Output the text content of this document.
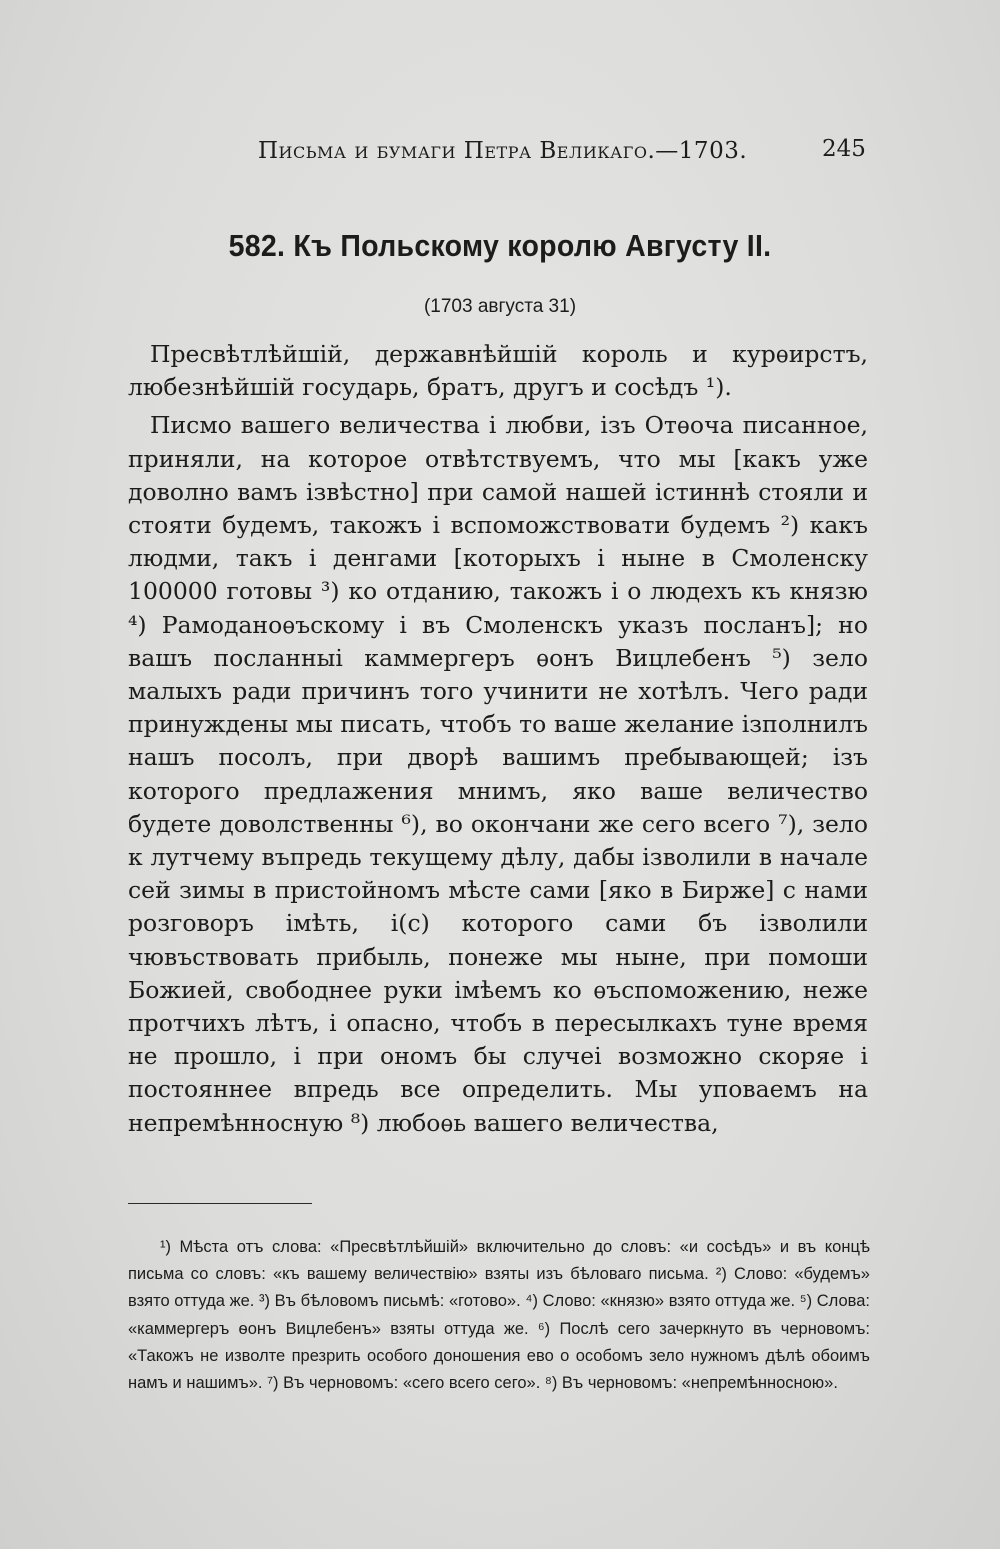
Письма и бумаги Петра Великаго.—1703.	245
582. Къ Польскому королю Августу II.
(1703 августа 31)

Пресвѣтлѣйшій, державнѣйшій король и курѳирстъ, любезнѣйшій государь, братъ, другъ и сосѣдъ ¹).

Писмо вашего величества і любви, ізъ Отѳоча писанное, приняли, на которое отвѣтствуемъ, что мы [какъ уже доволно вамъ ізвѣстно] при самой нашей істиннѣ стояли и стояти будемъ, такожъ і вспоможствовати будемъ ²) какъ людми, такъ і денгами [которыхъ і ныне в Смоленску 100000 готовы ³) ко отданию, такожъ і о людехъ къ князю ⁴) Рамоданоѳъскому і въ Смоленскъ указъ посланъ]; но вашъ посланныі каммергеръ ѳонъ Вицлебенъ ⁵) зело малыхъ ради причинъ того учинити не хотѣлъ. Чего ради принуждены мы писать, чтобъ то ваше желание ізполнилъ нашъ посолъ, при дворѣ вашимъ пребывающей; ізъ которого предлажения мнимъ, яко ваше величество будете доволственны ⁶), во окончани же сего всего ⁷), зело к лутчему въпредь текущему дѣлу, дабы ізволили в начале сей зимы в пристойномъ мѣсте сами [яко в Бирже] с нами розговоръ імѣть, і(с) которого сами бъ ізволили чювъствовать прибыль, понеже мы ныне, при помоши Божией, свободнее руки імѣемъ ко ѳъспоможению, неже протчихъ лѣтъ, і опасно, чтобъ в пересылкахъ туне время не прошло, і при ономъ бы случеі возможно скоряе і постояннее впредь все определить. Мы уповаемъ на непремѣнносную ⁸) любоѳь вашего величества,

¹) Мѣста отъ слова: «Пресвѣтлѣйшій» включительно до словъ: «и сосѣдъ» и въ концѣ письма со словъ: «къ вашему величествію» взяты изъ бѣловаго письма. ²) Слово: «будемъ» взято оттуда же. ³) Въ бѣловомъ письмѣ: «готово». ⁴) Слово: «князю» взято оттуда же. ⁵) Слова: «каммергеръ ѳонъ Вицлебенъ» взяты оттуда же. ⁶) Послѣ сего зачеркнуто въ черновомъ: «Такожъ не изволте презрить особого доношения ево о особомъ зело нужномъ дѣлѣ обоимъ намъ и нашимъ». ⁷) Въ черновомъ: «сего всего сего». ⁸) Въ черновомъ: «непремѣнносною».
